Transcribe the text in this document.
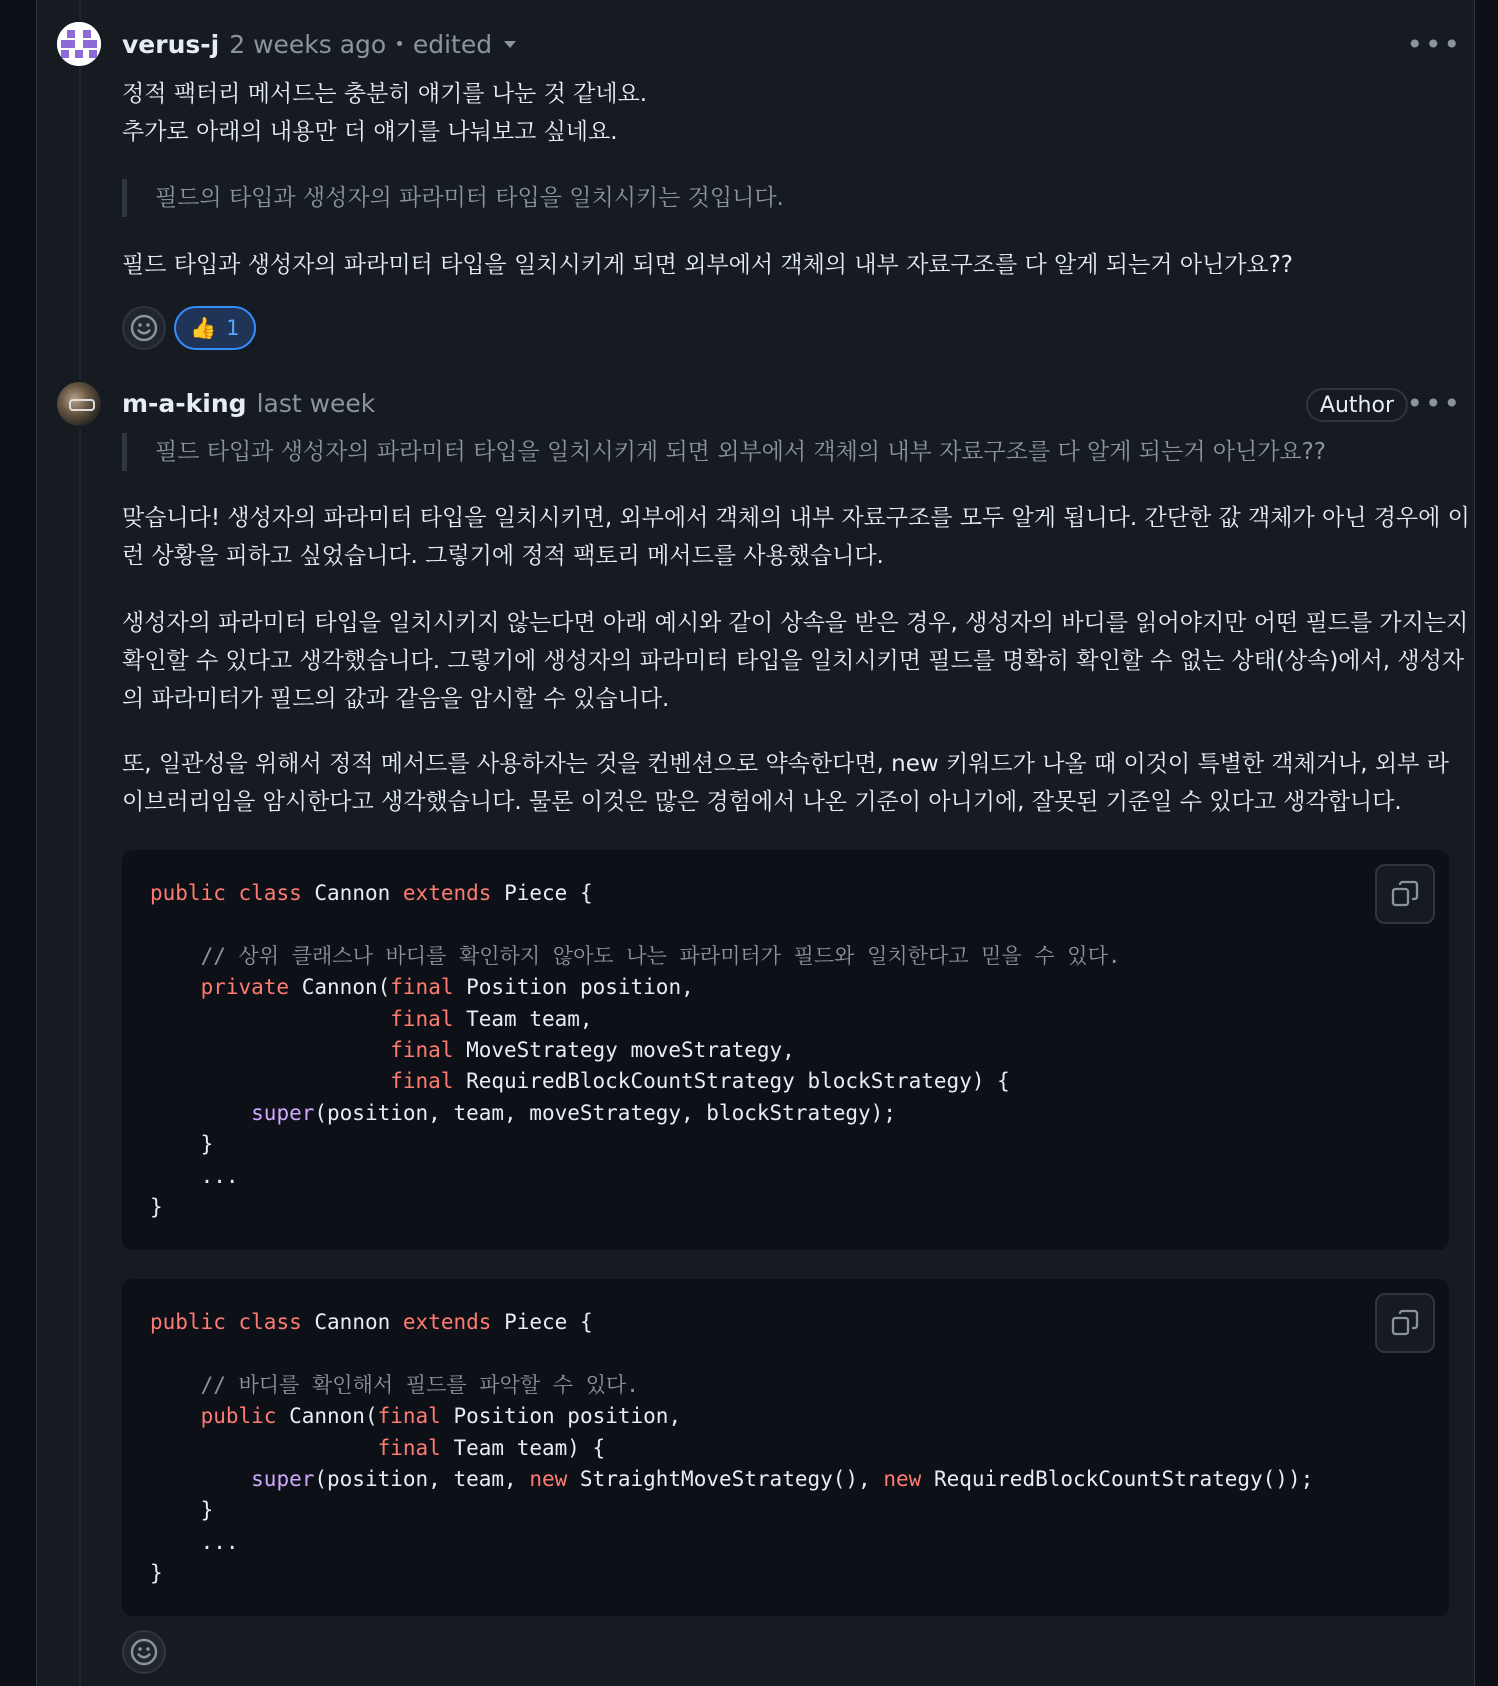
verus-j 2 weeks ago • edited	•••

정적 팩터리 메서드는 충분히 얘기를 나눈 것 같네요.

추가로 아래의 내용만 더 얘기를 나눠보고 싶네요.

필드의 타입과 생성자의 파라미터 타입을 일치시키는 것입니다.

필드 타입과 생성자의 파라미터 타입을 일치시키게 되면 외부에서 객체의 내부 자료구조를 다 알게 되는거 아닌가요??

👍 1
m-a-king last week	Author •••

필드 타입과 생성자의 파라미터 타입을 일치시키게 되면 외부에서 객체의 내부 자료구조를 다 알게 되는거 아닌가요??

맞습니다! 생성자의 파라미터 타입을 일치시키면, 외부에서 객체의 내부 자료구조를 모두 알게 됩니다. 간단한 값 객체가 아닌 경우에 이런 상황을 피하고 싶었습니다. 그렇기에 정적 팩토리 메서드를 사용했습니다.

생성자의 파라미터 타입을 일치시키지 않는다면 아래 예시와 같이 상속을 받은 경우, 생성자의 바디를 읽어야지만 어떤 필드를 가지는지 확인할 수 있다고 생각했습니다. 그렇기에 생성자의 파라미터 타입을 일치시키면 필드를 명확히 확인할 수 없는 상태(상속)에서, 생성자의 파라미터가 필드의 값과 같음을 암시할 수 있습니다.

또, 일관성을 위해서 정적 메서드를 사용하자는 것을 컨벤션으로 약속한다면, new 키워드가 나올 때 이것이 특별한 객체거나, 외부 라이브러리임을 암시한다고 생각했습니다. 물론 이것은 많은 경험에서 나온 기준이 아니기에, 잘못된 기준일 수 있다고 생각합니다.

public class Cannon extends Piece {

// 상위 클래스나 바디를 확인하지 않아도 나는 파라미터가 필드와 일치한다고 믿을 수 있다.
private Cannon(final Position position,
final Team team,
final MoveStrategy moveStrategy,
final RequiredBlockCountStrategy blockStrategy) {
super(position, team, moveStrategy, blockStrategy);
}
...
}
public class Cannon extends Piece {

// 바디를 확인해서 필드를 파악할 수 있다.
public Cannon(final Position position,
final Team team) {
super(position, team, new StraightMoveStrategy(), new RequiredBlockCountStrategy());
}
...
}
